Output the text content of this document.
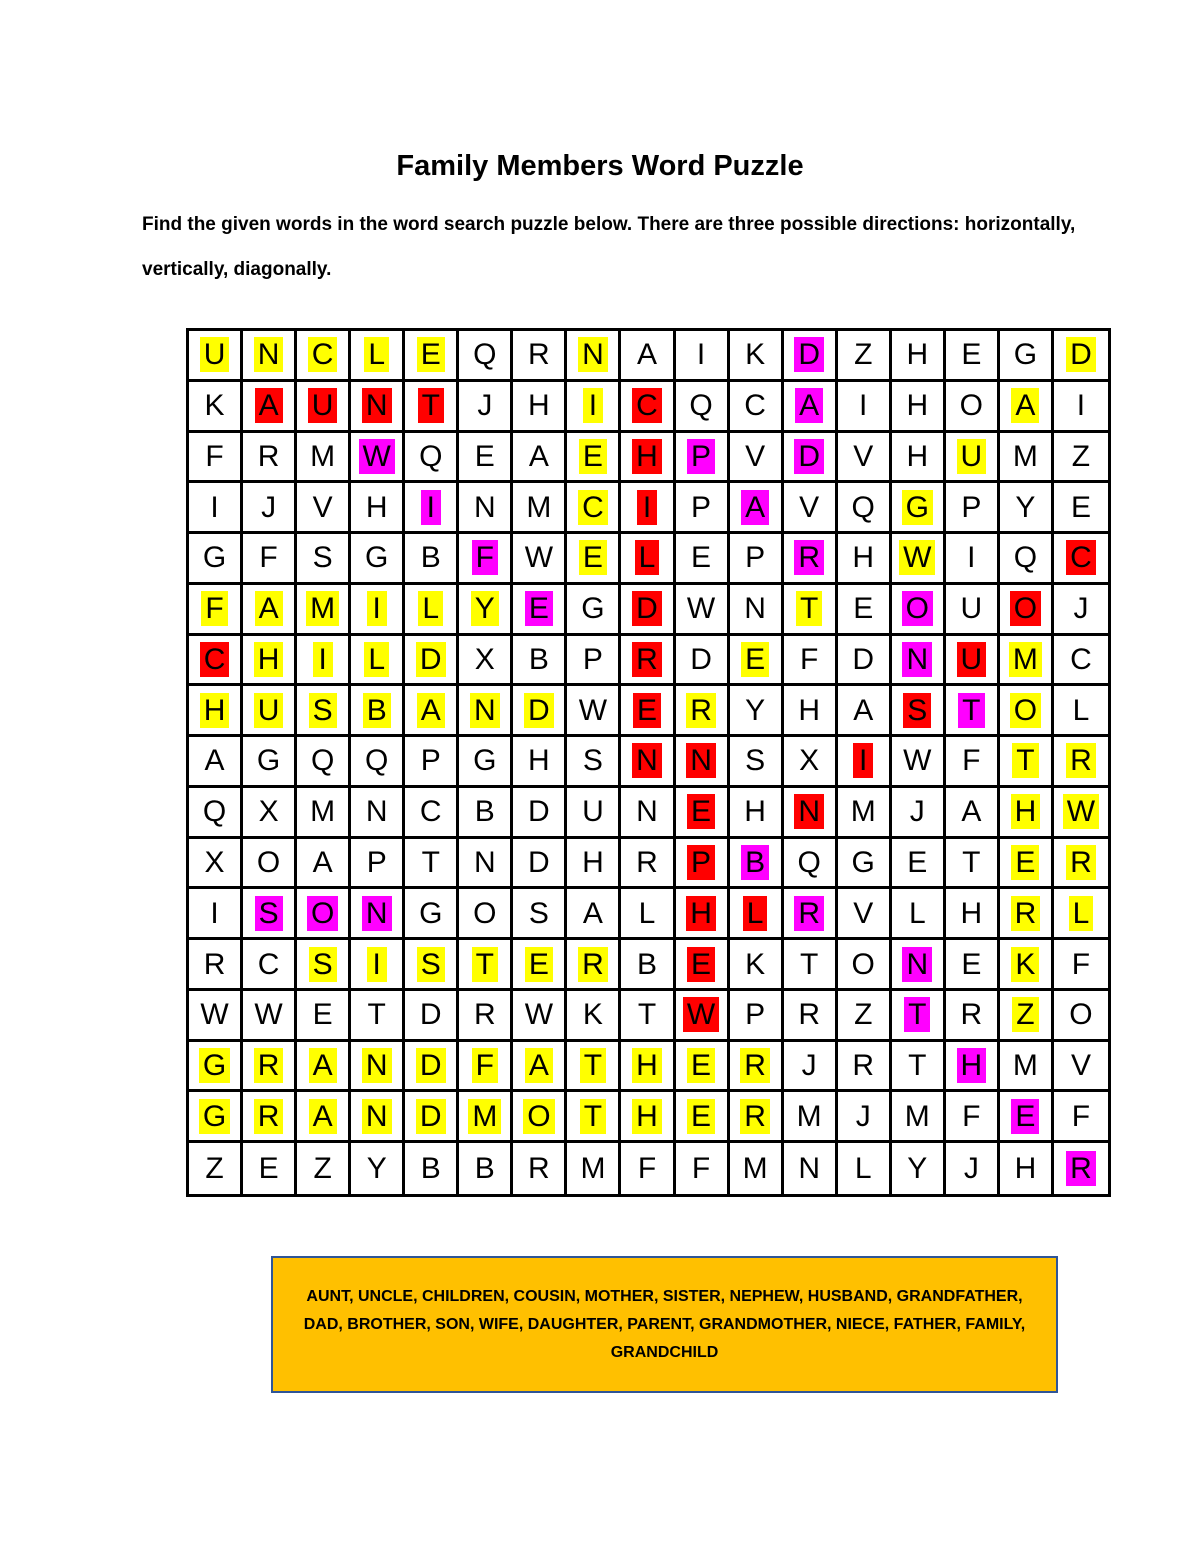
Family Members Word Puzzle

Find the given words in the word search puzzle below. There are three possible directions: horizontally, vertically, diagonally.

U N C L E Q R N A I K D Z H E G D
K A U N T J H I C Q C A I H O A I
F R M W Q E A E H P V D V H U M Z
I J V H I N M C I P A V Q G P Y E
G F S G B F W E L E P R H W I Q C
F A M I L Y E G D W N T E O U O J
C H I L D X B P R D E F D N U M C
H U S B A N D W E R Y H A S T O L
A G Q Q P G H S N N S X I W F T R
Q X M N C B D U N E H N M J A H W
X O A P T N D H R P B Q G E T E R
I S O N G O S A L H L R V L H R L
R C S I S T E R B E K T O N E K F
W W E T D R W K T W P R Z T R Z O
G R A N D F A T H E R J R T H M V
G R A N D M O T H E R M J M F E F
Z E Z Y B B R M F F M N L Y J H R

AUNT, UNCLE, CHILDREN, COUSIN, MOTHER, SISTER, NEPHEW, HUSBAND, GRANDFATHER, DAD, BROTHER, SON, WIFE, DAUGHTER, PARENT, GRANDMOTHER, NIECE, FATHER, FAMILY, GRANDCHILD
